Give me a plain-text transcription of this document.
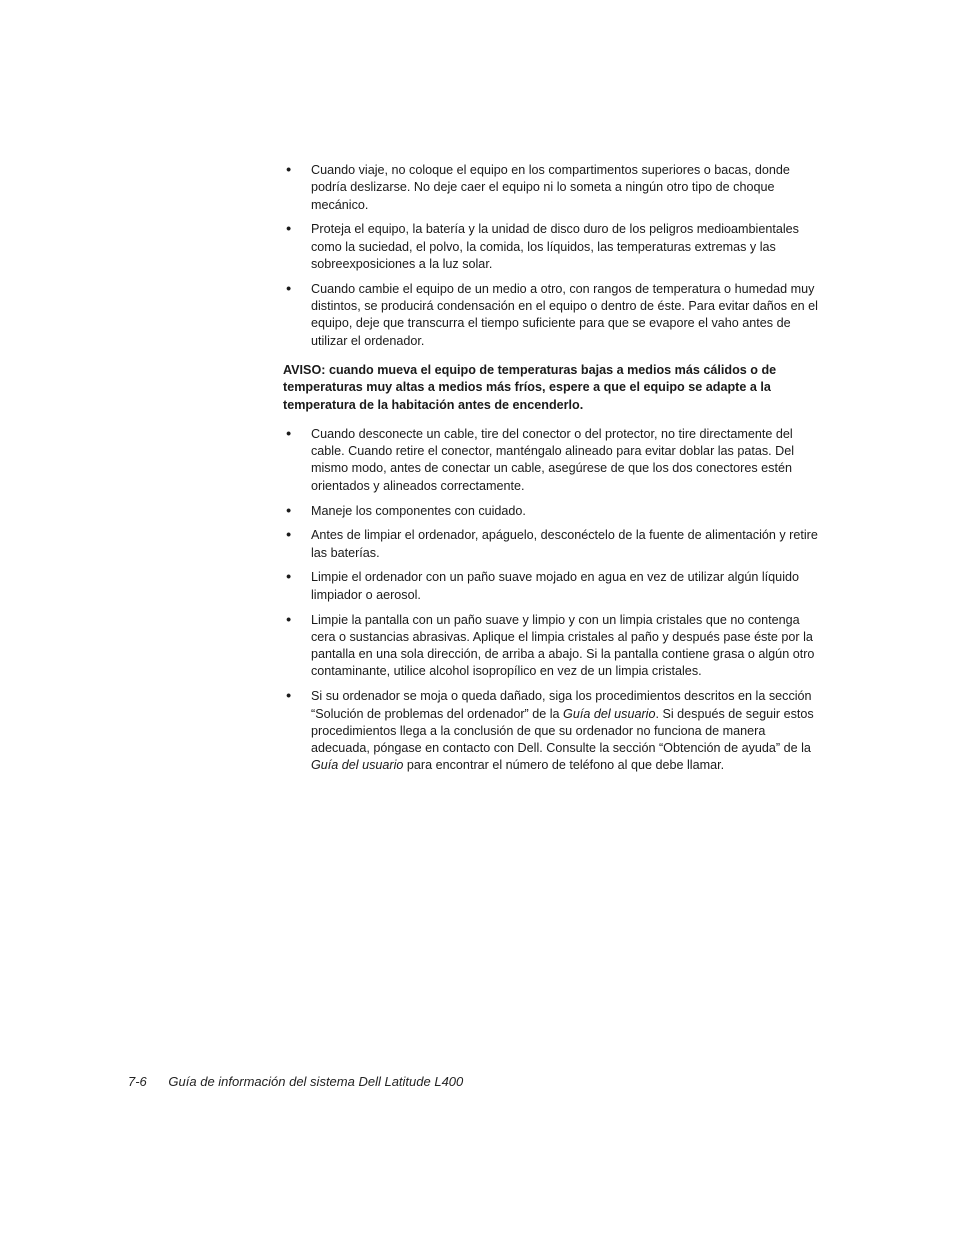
• Cuando viaje, no coloque el equipo en los compartimentos superiores o bacas, donde podría deslizarse. No deje caer el equipo ni lo someta a ningún otro tipo de choque mecánico.
• Proteja el equipo, la batería y la unidad de disco duro de los peligros medioambientales como la suciedad, el polvo, la comida, los líquidos, las temperaturas extremas y las sobreexposiciones a la luz solar.
• Cuando cambie el equipo de un medio a otro, con rangos de temperatura o humedad muy distintos, se producirá condensación en el equipo o dentro de éste. Para evitar daños en el equipo, deje que transcurra el tiempo suficiente para que se evapore el vaho antes de utilizar el ordenador.

AVISO: cuando mueva el equipo de temperaturas bajas a medios más cálidos o de temperaturas muy altas a medios más fríos, espere a que el equipo se adapte a la temperatura de la habitación antes de encenderlo.

• Cuando desconecte un cable, tire del conector o del protector, no tire directamente del cable. Cuando retire el conector, manténgalo alineado para evitar doblar las patas. Del mismo modo, antes de conectar un cable, asegúrese de que los dos conectores estén orientados y alineados correctamente.
• Maneje los componentes con cuidado.
• Antes de limpiar el ordenador, apáguelo, desconéctelo de la fuente de alimentación y retire las baterías.
• Limpie el ordenador con un paño suave mojado en agua en vez de utilizar algún líquido limpiador o aerosol.
• Limpie la pantalla con un paño suave y limpio y con un limpia cristales que no contenga cera o sustancias abrasivas. Aplique el limpia cristales al paño y después pase éste por la pantalla en una sola dirección, de arriba a abajo. Si la pantalla contiene grasa o algún otro contaminante, utilice alcohol isopropílico en vez de un limpia cristales.
• Si su ordenador se moja o queda dañado, siga los procedimientos descritos en la sección “Solución de problemas del ordenador” de la Guía del usuario. Si después de seguir estos procedimientos llega a la conclusión de que su ordenador no funciona de manera adecuada, póngase en contacto con Dell. Consulte la sección “Obtención de ayuda” de la Guía del usuario para encontrar el número de teléfono al que debe llamar.
7-6 Guía de información del sistema Dell Latitude L400
